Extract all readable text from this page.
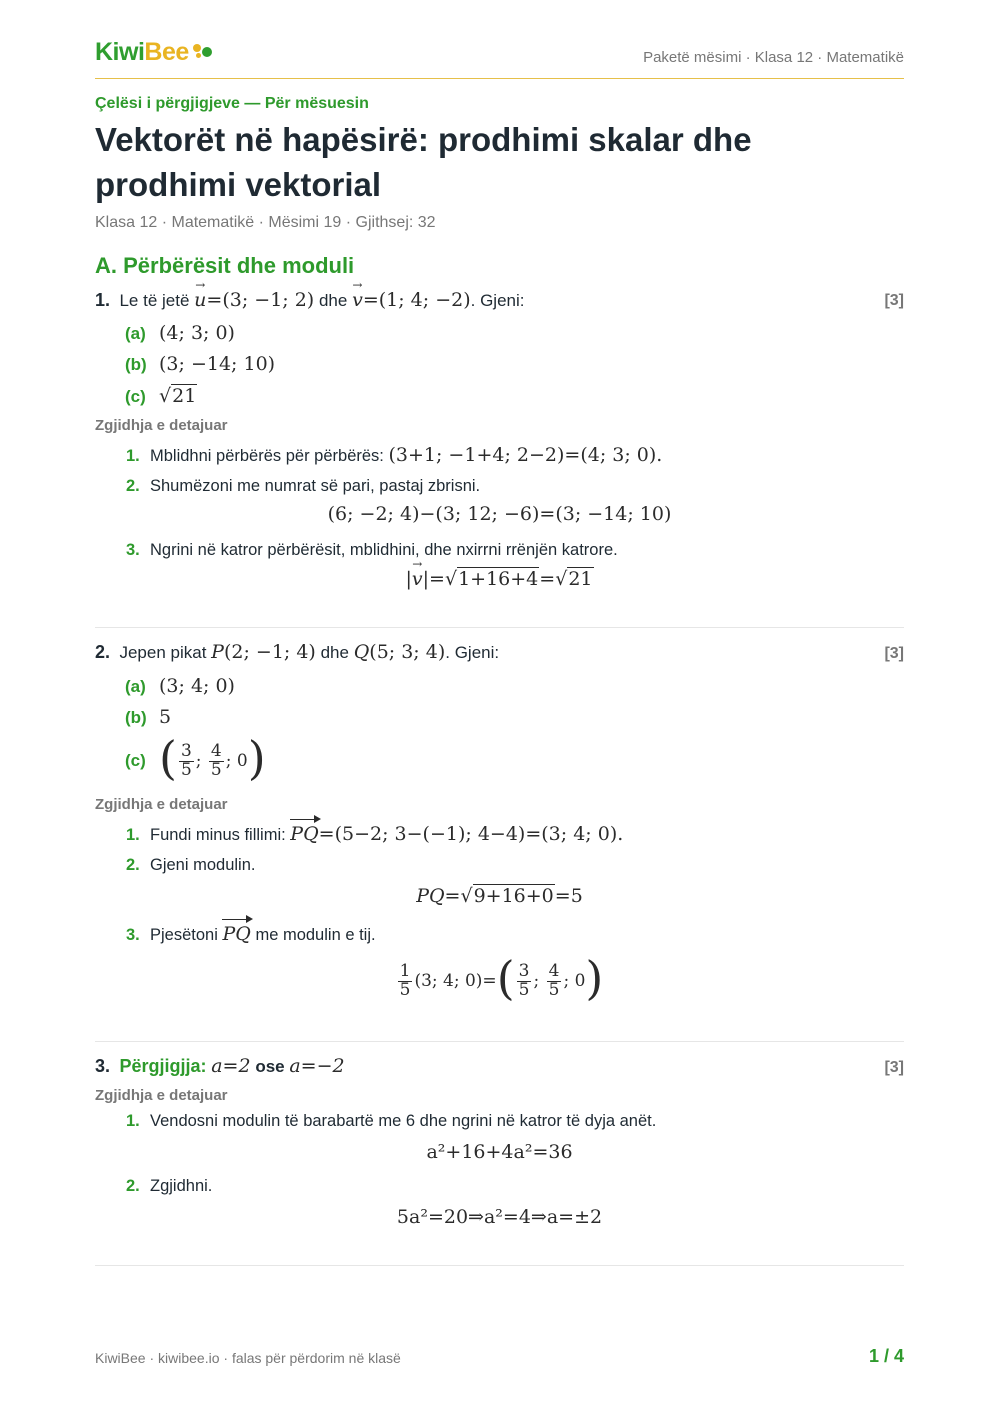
KiwiBee	Paketë mësimi · Klasa 12 · Matematikë
Çelësi i përgjigjeve — Për mësuesin
Vektorët në hapësirë: prodhimi skalar dhe prodhimi vektorial
Klasa 12 · Matematikë · Mësimi 19 · Gjithsej: 32
A. Përbërësit dhe moduli
1. Le të jetë
→
u=(3; −1; 2) dhe
→
v=(1; 4; −2). Gjeni:	[3]
(a) (4; 3; 0)
(b) (3; −14; 10)
(c) √21
Zgjidhja e detajuar
1. Mblidhni përbërës për përbërës: (3+1; −1+4; 2−2)=(4; 3; 0).
2. Shumëzoni me numrat së pari, pastaj zbrisni.
(6; −2; 4)−(3; 12; −6)=(3; −14; 10)
3. Ngrini në katror përbërësit, mblidhini, dhe nxirrni rrënjën katrore.
|
→
v|=√1+16+4=√21
2. Jepen pikat P(2; −1; 4) dhe Q(5; 3; 4). Gjeni:	[3]
(a) (3; 4; 0)
(b) 5
(c) ( $\frac{3}{5}$ ; $\frac{4}{5}$ ; 0)
Zgjidhja e detajuar
1. Fundi minus fillimi: PQ=(5−2; 3−(−1); 4−4)=(3; 4; 0).
2. Gjeni modulin.
PQ=√9+16+0=5
3. Pjesëtoni PQ me modulin e tij.
$\frac{1}{5} (3$; 4; $0)=( \frac{3}{5}$ ; $\frac{4}{5}$ ; 0)
3. Përgjigjja: a=2 ose a=−2	[3]
Zgjidhja e detajuar
1. Vendosni modulin të barabartë me 6 dhe ngrini në katror të dyja anët.
a²+16+4a²=36
2. Zgjidhni.
5a²=20⇒a²=4⇒a=±2
KiwiBee · kiwibee.io · falas për përdorim në klasë	1 / 4
